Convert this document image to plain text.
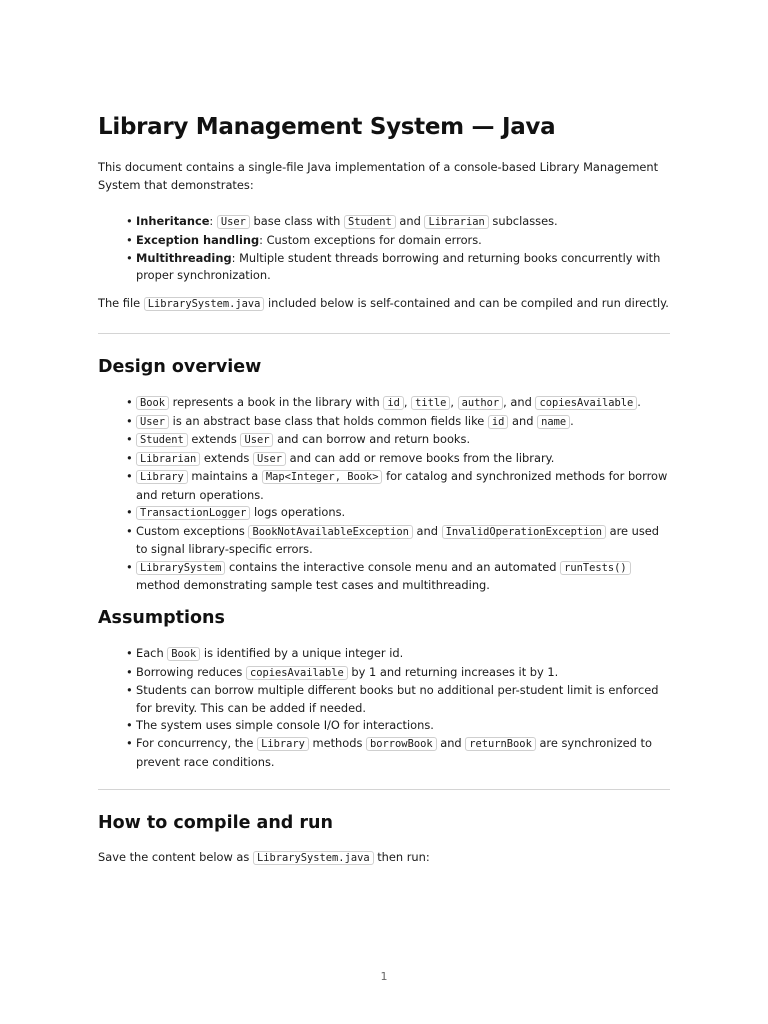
Library Management System — Java

This document contains a single-file Java implementation of a console-based Library Management System that demonstrates:

• Inheritance: User base class with Student and Librarian subclasses.
• Exception handling: Custom exceptions for domain errors.
• Multithreading: Multiple student threads borrowing and returning books concurrently with proper synchronization.

The file LibrarySystem.java included below is self-contained and can be compiled and run directly.

Design overview
• Book represents a book in the library with id , title , author , and copiesAvailable .
• User is an abstract base class that holds common fields like id and name .
• Student extends User and can borrow and return books.
• Librarian extends User and can add or remove books from the library.
• Library maintains a Map<Integer, Book> for catalog and synchronized methods for borrow and return operations.
• TransactionLogger logs operations.
• Custom exceptions BookNotAvailableException and InvalidOperationException are used to signal library-specific errors.
• LibrarySystem contains the interactive console menu and an automated runTests() method demonstrating sample test cases and multithreading.
Assumptions
• Each Book is identified by a unique integer id.
• Borrowing reduces copiesAvailable by 1 and returning increases it by 1.
• Students can borrow multiple different books but no additional per-student limit is enforced for brevity. This can be added if needed.
• The system uses simple console I/O for interactions.
• For concurrency, the Library methods borrowBook and returnBook are synchronized to prevent race conditions.
How to compile and run

Save the content below as LibrarySystem.java then run:

1
